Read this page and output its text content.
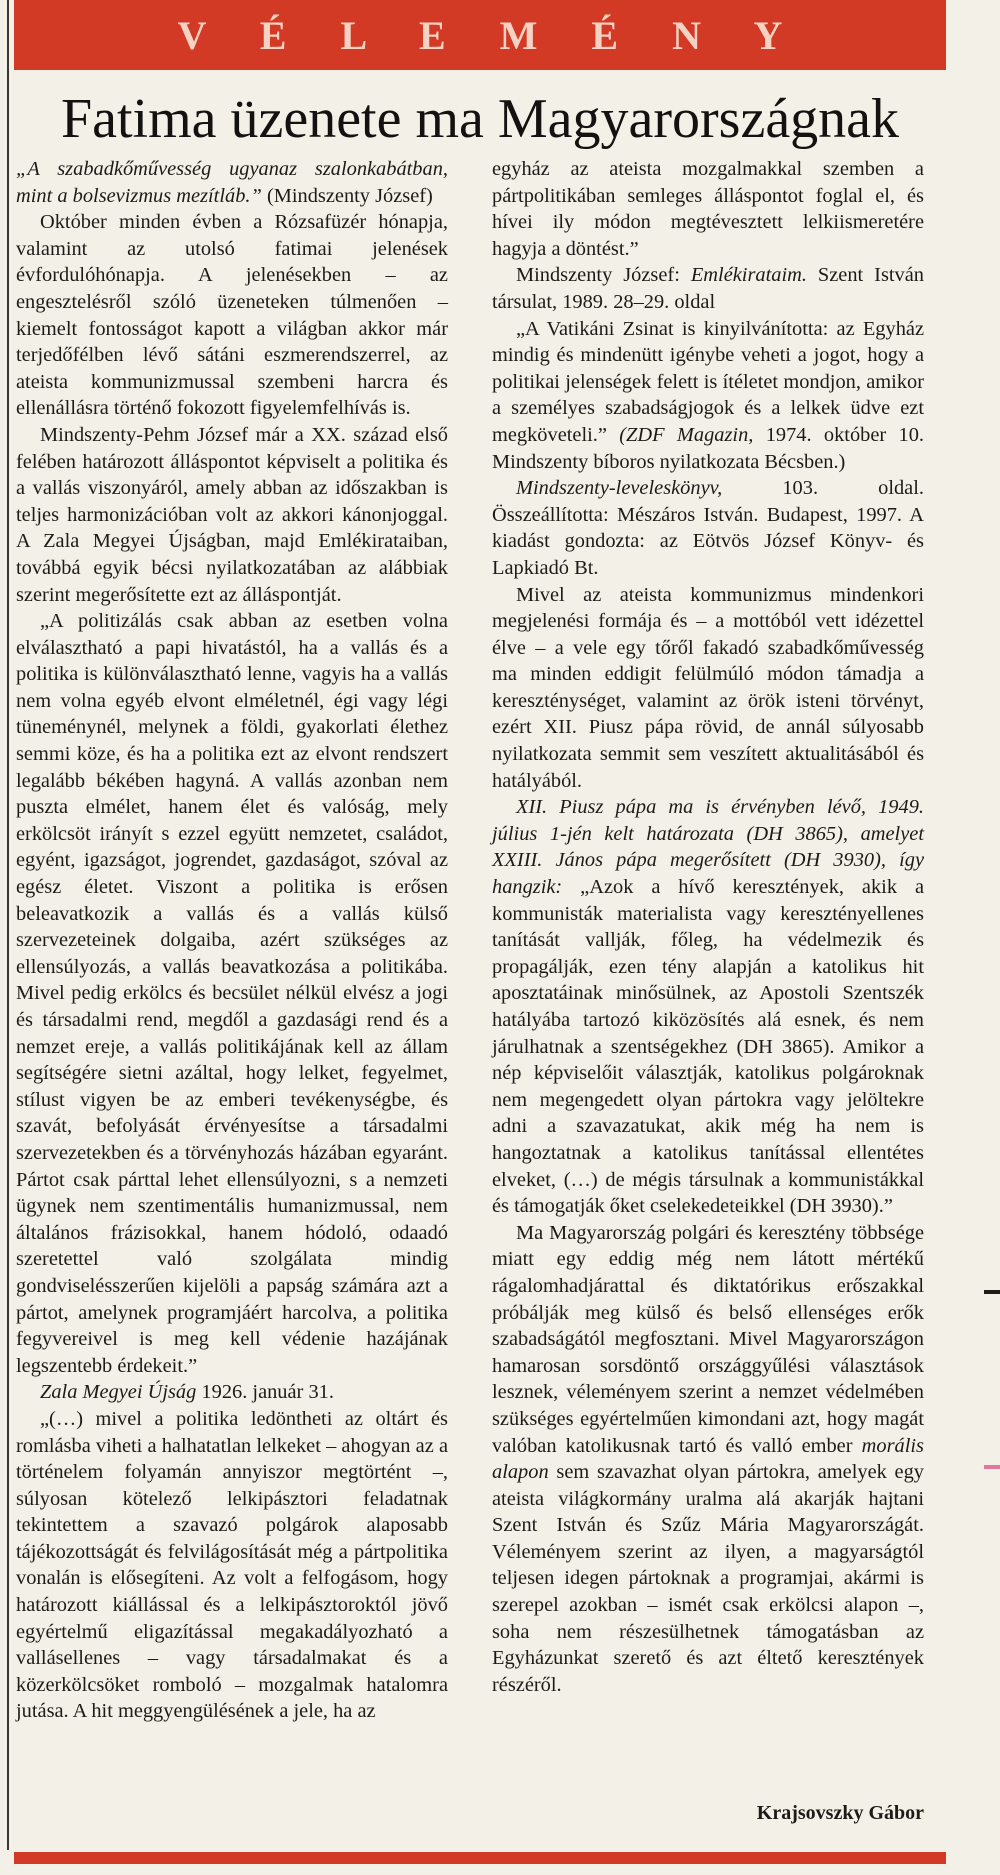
V É L E M É N Y
Fatima üzenete ma Magyarországnak

„A szabadkőművesség ugyanaz szalonkabátban, mint a bolsevizmus mezítláb.” (Mindszenty József)

Október minden évben a Rózsafüzér hónapja, valamint az utolsó fatimai jelenések évfordulóhónapja. A jelenésekben – az engesztelésről szóló üzeneteken túlmenően – kiemelt fontosságot kapott a világban akkor már terjedőfélben lévő sátáni eszmerendszerrel, az ateista kommunizmussal szembeni harcra és ellenállásra történő fokozott figyelemfelhívás is.

Mindszenty-Pehm József már a XX. század első felében határozott álláspontot képviselt a politika és a vallás viszonyáról, amely abban az időszakban is teljes harmonizációban volt az akkori kánonjoggal. A Zala Megyei Újságban, majd Emlékirataiban, továbbá egyik bécsi nyilatkozatában az alábbiak szerint megerősítette ezt az álláspontját.

„A politizálás csak abban az esetben volna elválasztható a papi hivatástól, ha a vallás és a politika is különválasztható lenne, vagyis ha a vallás nem volna egyéb elvont elméletnél, égi vagy légi tüneménynél, melynek a földi, gyakorlati élethez semmi köze, és ha a politika ezt az elvont rendszert legalább békében hagyná. A vallás azonban nem puszta elmélet, hanem élet és valóság, mely erkölcsöt irányít s ezzel együtt nemzetet, családot, egyént, igazságot, jogrendet, gazdaságot, szóval az egész életet. Viszont a politika is erősen beleavatkozik a vallás és a vallás külső szervezeteinek dolgaiba, azért szükséges az ellensúlyozás, a vallás beavatkozása a politikába. Mivel pedig erkölcs és becsület nélkül elvész a jogi és társadalmi rend, megdől a gazdasági rend és a nemzet ereje, a vallás politikájának kell az állam segítségére sietni azáltal, hogy lelket, fegyelmet, stílust vigyen be az emberi tevékenységbe, és szavát, befolyását érvényesítse a társadalmi szervezetekben és a törvényhozás házában egyaránt. Pártot csak párttal lehet ellensúlyozni, s a nemzeti ügynek nem szentimentális humanizmussal, nem általános frázisokkal, hanem hódoló, odaadó szeretettel való szolgálata mindig gondviselésszerűen kijelöli a papság számára azt a pártot, amelynek programjáért harcolva, a politika fegyvereivel is meg kell védenie hazájának legszentebb érdekeit.”

Zala Megyei Újság 1926. január 31.

„(…) mivel a politika ledöntheti az oltárt és romlásba viheti a halhatatlan lelkeket – ahogyan az a történelem folyamán annyiszor megtörtént –, súlyosan kötelező lelkipásztori feladatnak tekintettem a szavazó polgárok alaposabb tájékozottságát és felvilágosítását még a pártpolitika vonalán is elősegíteni. Az volt a felfogásom, hogy határozott kiállással és a lelkipásztoroktól jövő egyértelmű eligazítással megakadályozható a vallásellenes – vagy társadalmakat és a közerkölcsöket romboló – mozgalmak hatalomra jutása. A hit meggyengülésének a jele, ha az

egyház az ateista mozgalmakkal szemben a pártpolitikában semleges álláspontot foglal el, és hívei ily módon megtévesztett lelkiismeretére hagyja a döntést.”

Mindszenty József: Emlékirataim. Szent István társulat, 1989. 28–29. oldal

„A Vatikáni Zsinat is kinyilvánította: az Egyház mindig és mindenütt igénybe veheti a jogot, hogy a politikai jelenségek felett is ítéletet mondjon, amikor a személyes szabadságjogok és a lelkek üdve ezt megköveteli.” (ZDF Magazin, 1974. október 10. Mindszenty bíboros nyilatkozata Bécsben.)

Mindszenty-leveleskönyv,	103. oldal. Összeállította: Mészáros István. Budapest, 1997. A kiadást gondozta: az Eötvös József Könyv- és Lapkiadó Bt.

Mivel az ateista kommunizmus mindenkori megjelenési formája és – a mottóból vett idézettel élve – a vele egy tőről fakadó szabadkőművesség ma minden eddigit felülmúló módon támadja a kereszténységet, valamint az örök isteni törvényt, ezért XII. Piusz pápa rövid, de annál súlyosabb nyilatkozata semmit sem veszített aktualitásából és hatályából.

XII. Piusz pápa ma is érvényben lévő, 1949. július 1-jén kelt határozata (DH 3865), amelyet XXIII. János pápa megerősített (DH 3930), így hangzik: „Azok a hívő keresztények, akik a kommunisták materialista vagy keresztényellenes tanítását vallják, főleg, ha védelmezik és propagálják, ezen tény alapján a katolikus hit aposztatáinak minősülnek, az Apostoli Szentszék hatályába tartozó kiközösítés alá esnek, és nem járulhatnak a szentségekhez (DH 3865). Amikor a nép képviselőit választják, katolikus polgároknak nem megengedett olyan pártokra vagy jelöltekre adni a szavazatukat, akik még ha nem is hangoztatnak a katolikus tanítással ellentétes elveket, (…) de mégis társulnak a kommunistákkal és támogatják őket cselekedeteikkel (DH 3930).”

Ma Magyarország polgári és keresztény többsége miatt egy eddig még nem látott mértékű rágalomhadjárattal és diktatórikus erőszakkal próbálják meg külső és belső ellenséges erők szabadságától megfosztani. Mivel Magyarországon hamarosan sorsdöntő országgyűlési választások lesznek, véleményem szerint a nemzet védelmében szükséges egyértelműen kimondani azt, hogy magát valóban katolikusnak tartó és valló ember morális alapon sem szavazhat olyan pártokra, amelyek egy ateista világkormány uralma alá akarják hajtani Szent István és Szűz Mária Magyarországát. Véleményem szerint az ilyen, a magyarságtól teljesen idegen pártoknak a programjai, akármi is szerepel azokban – ismét csak erkölcsi alapon –, soha nem részesülhetnek támogatásban az Egyházunkat szerető és azt éltető keresztények részéről.

Krajsovszky Gábor
